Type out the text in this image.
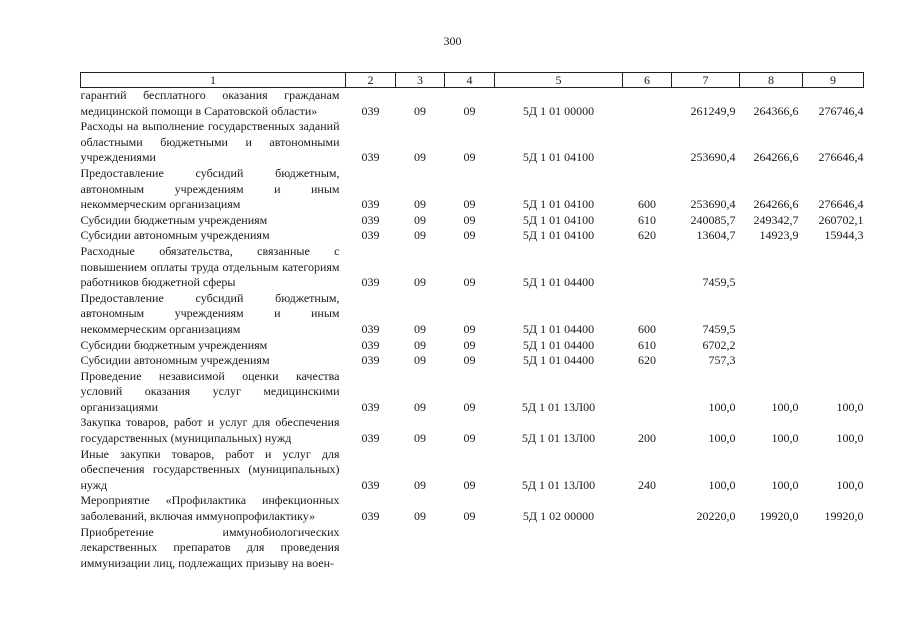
300
1	2	3	4	5	6	7	8	9
гарантий бесплатного оказания гражданам медицинской помощи в Саратовской области»	039	09	09	5Д 1 01 00000		261249,9	264366,6	276746,4
Расходы на выполнение государственных заданий областными бюджетными и автономными учреждениями	039	09	09	5Д 1 01 04100		253690,4	264266,6	276646,4
Предоставление субсидий бюджетным, автономным учреждениям и иным некоммерческим организациям	039	09	09	5Д 1 01 04100	600	253690,4	264266,6	276646,4
Субсидии бюджетным учреждениям	039	09	09	5Д 1 01 04100	610	240085,7	249342,7	260702,1
Субсидии автономным учреждениям	039	09	09	5Д 1 01 04100	620	13604,7	14923,9	15944,3
Расходные обязательства, связанные с повышением оплаты труда отдельным категориям работников бюджетной сферы	039	09	09	5Д 1 01 04400		7459,5		
Предоставление субсидий бюджетным, автономным учреждениям и иным некоммерческим организациям	039	09	09	5Д 1 01 04400	600	7459,5		
Субсидии бюджетным учреждениям	039	09	09	5Д 1 01 04400	610	6702,2		
Субсидии автономным учреждениям	039	09	09	5Д 1 01 04400	620	757,3		
Проведение независимой оценки качества условий оказания услуг медицинскими организациями	039	09	09	5Д 1 01 13Л00		100,0	100,0	100,0
Закупка товаров, работ и услуг для обеспечения государственных (муниципальных) нужд	039	09	09	5Д 1 01 13Л00	200	100,0	100,0	100,0
Иные закупки товаров, работ и услуг для обеспечения государственных (муниципальных) нужд	039	09	09	5Д 1 01 13Л00	240	100,0	100,0	100,0
Мероприятие «Профилактика инфекционных заболеваний, включая иммунопрофилактику»	039	09	09	5Д 1 02 00000		20220,0	19920,0	19920,0
Приобретение иммунобиологических лекарственных препаратов для проведения иммунизации лиц, подлежащих призыву на воен-								
